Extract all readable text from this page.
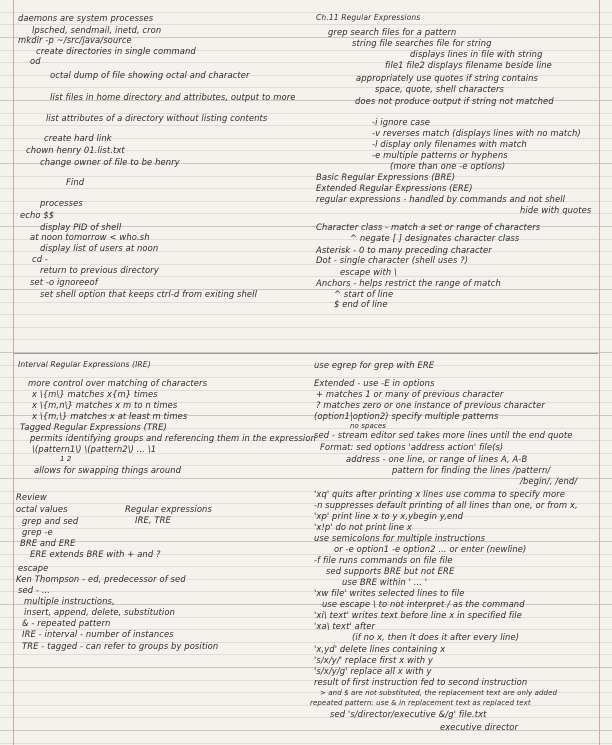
daemons are system processes
lpsched, sendmail, inetd, cron
mkdir -p ~/src/java/source
create directories in single command
od
octal dump of file showing octal and character
list files in home directory and attributes, output to more
list attributes of a directory without listing contents
create hard link
chown henry 01.list.txt
change owner of file to be henry
Find
processes
echo $$
display PID of shell
at noon tomorrow < who.sh
display list of users at noon
cd -
return to previous directory
set -o ignoreeof
set shell option that keeps ctrl-d from exiting shell
Ch.11 Regular Expressions
grep search files for a pattern
string file searches file for string
displays lines in file with string
file1 file2 displays filename beside line
appropriately use quotes if string contains
space, quote, shell characters
does not produce output if string not matched
-i ignore case
-v reverses match (displays lines with no match)
-l display only filenames with match
-e multiple patterns or hyphens
(more than one -e options)
Basic Regular Expressions (BRE)
Extended Regular Expressions (ERE)
regular expressions - handled by commands and not shell
hide with quotes
Character class - match a set or range of characters
^ negate [ ] designates character class
Asterisk - 0 to many preceding character
Dot - single character (shell uses ?)
escape with \
Anchors - helps restrict the range of match
^ start of line
$ end of line
Interval Regular Expressions (IRE)
more control over matching of characters
x \{m\} matches x{m} times
x \{m,n\} matches x m to n times
x \{m,\} matches x at least m times
Tagged Regular Expressions (TRE)
permits identifying groups and referencing them in the expression
\(pattern1\) \(pattern2\) ... \1
1 2
allows for swapping things around
Review
octal values	Regular expressions
IRE, TRE
grep and sed
grep -e
BRE and ERE
ERE extends BRE with + and ?
escape
Ken Thompson - ed, predecessor of sed
sed - ...
multiple instructions,
insert, append, delete, substitution
& - repeated pattern
IRE - interval - number of instances
TRE - tagged - can refer to groups by position
use egrep for grep with ERE
Extended - use -E in options
+ matches 1 or many of previous character
? matches zero or one instance of previous character
(option1|option2) specify multiple patterns
no spaces
sed - stream editor sed takes more lines until the end quote
Format: sed options 'address action' file(s)
address - one line, or range of lines A, A-B
pattern for finding the lines /pattern/
/begin/, /end/
'xq' quits after printing x lines use comma to specify more
-n suppresses default printing of all lines than one, or from x,
'xp' print line x to y x,ybegin y,end
'x!p' do not print line x
use semicolons for multiple instructions
or -e option1 -e option2 ... or enter (newline)
-f file runs commands on file file
sed supports BRE but not ERE
use BRE within ' ... '
'xw file' writes selected lines to file
use escape \ to not interpret / as the command
'xi\ text' writes text before line x in specified file
'xa\ text' after
(if no x, then it does it after every line)
'x,yd' delete lines containing x
's/x/y/' replace first x with y
's/x/y/g' replace all x with y
result of first instruction fed to second instruction
> and $ are not substituted, the replacement text are only added
repeated pattern: use & in replacement text as replaced text
sed 's/director/executive &/g' file.txt
executive director
